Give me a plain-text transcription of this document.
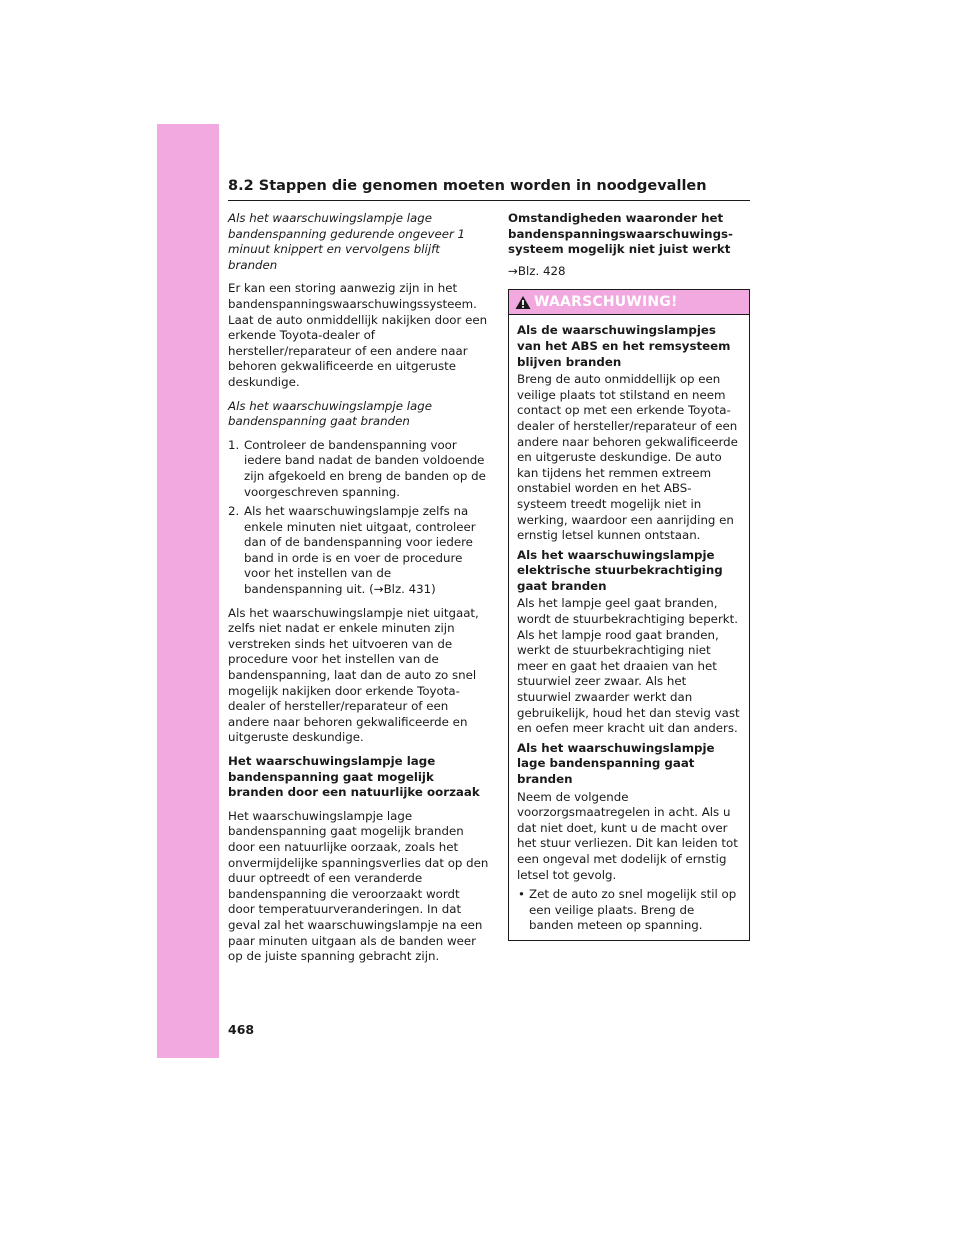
8.2 Stappen die genomen moeten worden in noodgevallen
Als het waarschuwingslampje lage bandenspanning gedurende ongeveer 1 minuut knippert en vervolgens blijft branden

Er kan een storing aanwezig zijn in het bandenspanningswaarschuwingssysteem. Laat de auto onmiddellijk nakijken door een erkende Toyota-dealer of hersteller/reparateur of een andere naar behoren gekwalificeerde en uitgeruste deskundige.

Als het waarschuwingslampje lage bandenspanning gaat branden
1. Controleer de bandenspanning voor iedere band nadat de banden voldoende zijn afgekoeld en breng de banden op de voorgeschreven spanning.
2. Als het waarschuwingslampje zelfs na enkele minuten niet uitgaat, controleer dan of de bandenspanning voor iedere band in orde is en voer de procedure voor het instellen van de bandenspanning uit. (→Blz. 431)

Als het waarschuwingslampje niet uitgaat, zelfs niet nadat er enkele minuten zijn verstreken sinds het uitvoeren van de procedure voor het instellen van de bandenspanning, laat dan de auto zo snel mogelijk nakijken door erkende Toyota-dealer of hersteller/reparateur of een andere naar behoren gekwalificeerde en uitgeruste deskundige.

Het waarschuwingslampje lage bandenspanning gaat mogelijk branden door een natuurlijke oorzaak

Het waarschuwingslampje lage bandenspanning gaat mogelijk branden door een natuurlijke oorzaak, zoals het onvermijdelijke spanningsverlies dat op den duur optreedt of een veranderde bandenspanning die veroorzaakt wordt door temperatuurveranderingen. In dat geval zal het waarschuwingslampje na een paar minuten uitgaan als de banden weer op de juiste spanning gebracht zijn.

Omstandigheden waaronder het bandenspanningswaarschuwings-systeem mogelijk niet juist werkt

→Blz. 428

WAARSCHUWING!
Als de waarschuwingslampjes van het ABS en het remsysteem blijven branden

Breng de auto onmiddellijk op een veilige plaats tot stilstand en neem contact op met een erkende Toyota-dealer of hersteller/reparateur of een andere naar behoren gekwalificeerde en uitgeruste deskundige. De auto kan tijdens het remmen extreem onstabiel worden en het ABS-systeem treedt mogelijk niet in werking, waardoor een aanrijding en ernstig letsel kunnen ontstaan.

Als het waarschuwingslampje elektrische stuurbekrachtiging gaat branden

Als het lampje geel gaat branden, wordt de stuurbekrachtiging beperkt. Als het lampje rood gaat branden, werkt de stuurbekrachtiging niet meer en gaat het draaien van het stuurwiel zeer zwaar. Als het stuurwiel zwaarder werkt dan gebruikelijk, houd het dan stevig vast en oefen meer kracht uit dan anders.

Als het waarschuwingslampje lage bandenspanning gaat branden

Neem de volgende voorzorgsmaatregelen in acht. Als u dat niet doet, kunt u de macht over het stuur verliezen. Dit kan leiden tot een ongeval met dodelijk of ernstig letsel tot gevolg.

• Zet de auto zo snel mogelijk stil op een veilige plaats. Breng de banden meteen op spanning.
468
